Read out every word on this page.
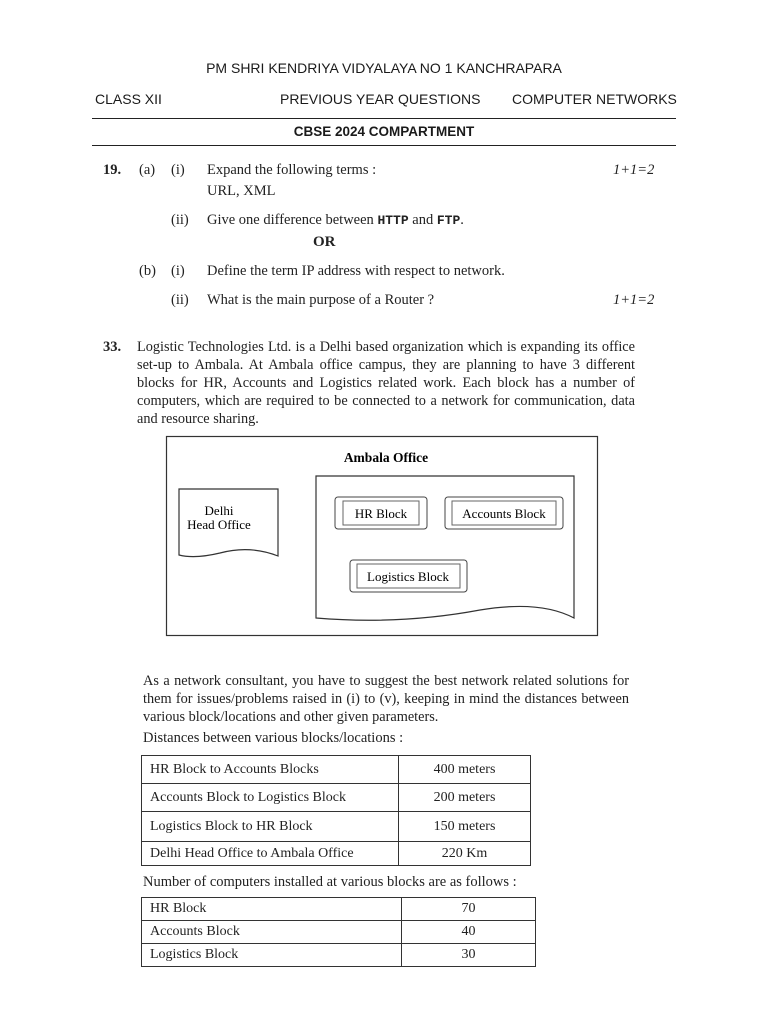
PM SHRI KENDRIYA VIDYALAYA NO 1 KANCHRAPARA
CLASS XII	PREVIOUS YEAR QUESTIONS COMPUTER NETWORKS
CBSE 2024 COMPARTMENT
19. (a) (i) Expand the following terms :	1+1=2
URL, XML
(ii) Give one difference between HTTP and FTP.
OR
(b) (i) Define the term IP address with respect to network.
(ii) What is the main purpose of a Router ?	1+1=2
33. Logistic Technologies Ltd. is a Delhi based organization which is expanding its office set-up to Ambala. At Ambala office campus, they are planning to have 3 different blocks for HR, Accounts and Logistics related work. Each block has a number of computers, which are required to be connected to a network for communication, data and resource sharing.
Ambala Office
Delhi
Head Office
HR Block	Accounts Block
Logistics Block
As a network consultant, you have to suggest the best network related solutions for them for issues/problems raised in (i) to (v), keeping in mind the distances between various block/locations and other given parameters.
Distances between various blocks/locations :
HR Block to Accounts Blocks	400 meters
Accounts Block to Logistics Block	200 meters
Logistics Block to HR Block	150 meters
Delhi Head Office to Ambala Office	220 Km
Number of computers installed at various blocks are as follows :
HR Block	70
Accounts Block	40
Logistics Block	30
